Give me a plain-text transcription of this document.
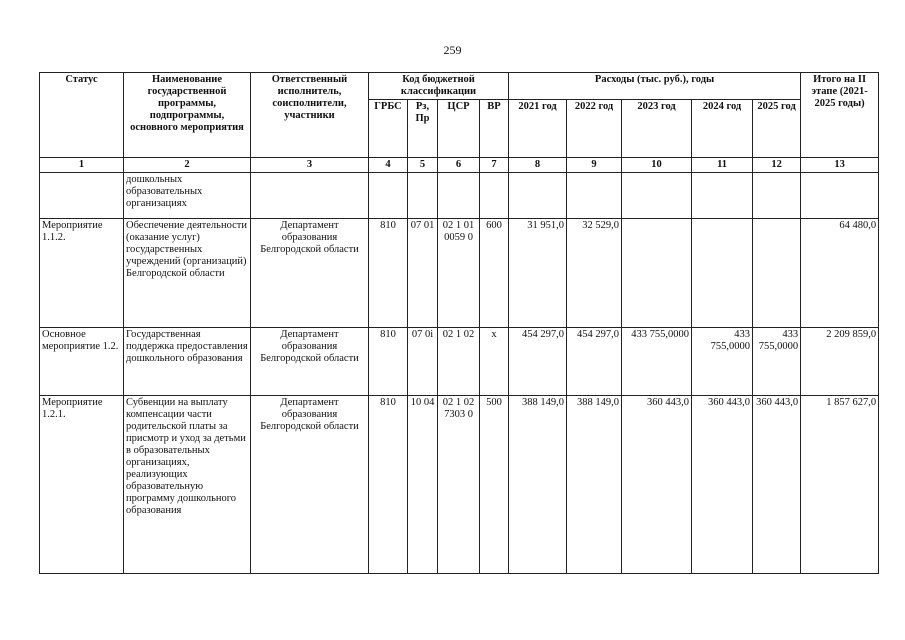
259
Статус	Наименование государственной программы, подпрограммы, основного мероприятия	Ответственный исполнитель, соисполнители, участники	Код бюджетной классификации				Расходы (тыс. руб.), годы					Итого на II этапе (2021-2025 годы)
			ГРБС	Рз, Пр	ЦСР	ВР	2021 год	2022 год	2023 год	2024 год	2025 год	
1	2	3	4	5	6	7	8	9	10	11	12	13
	дошкольных образовательных организациях											
Мероприятие 1.1.2.	Обеспечение деятельности (оказание услуг) государственных учреждений (организаций) Белгородской области	Департамент образования Белгородской области	810	07 01	02 1 01 0059 0	600	31 951,0	32 529,0				64 480,0
Основное мероприятие 1.2.	Государственная поддержка предоставления дошкольного образования	Департамент образования Белгородской области	810	07 0i	02 1 02	x	454 297,0	454 297,0	433 755,0000	433 755,0000	433 755,0000	2 209 859,0
Мероприятие 1.2.1.	Субвенции на выплату компенсации части родительской платы за присмотр и уход за детьми в образовательных организациях, реализующих образовательную программу дошкольного образования	Департамент образования Белгородской области	810	10 04	02 1 02 7303 0	500	388 149,0	388 149,0	360 443,0	360 443,0	360 443,0	1 857 627,0
